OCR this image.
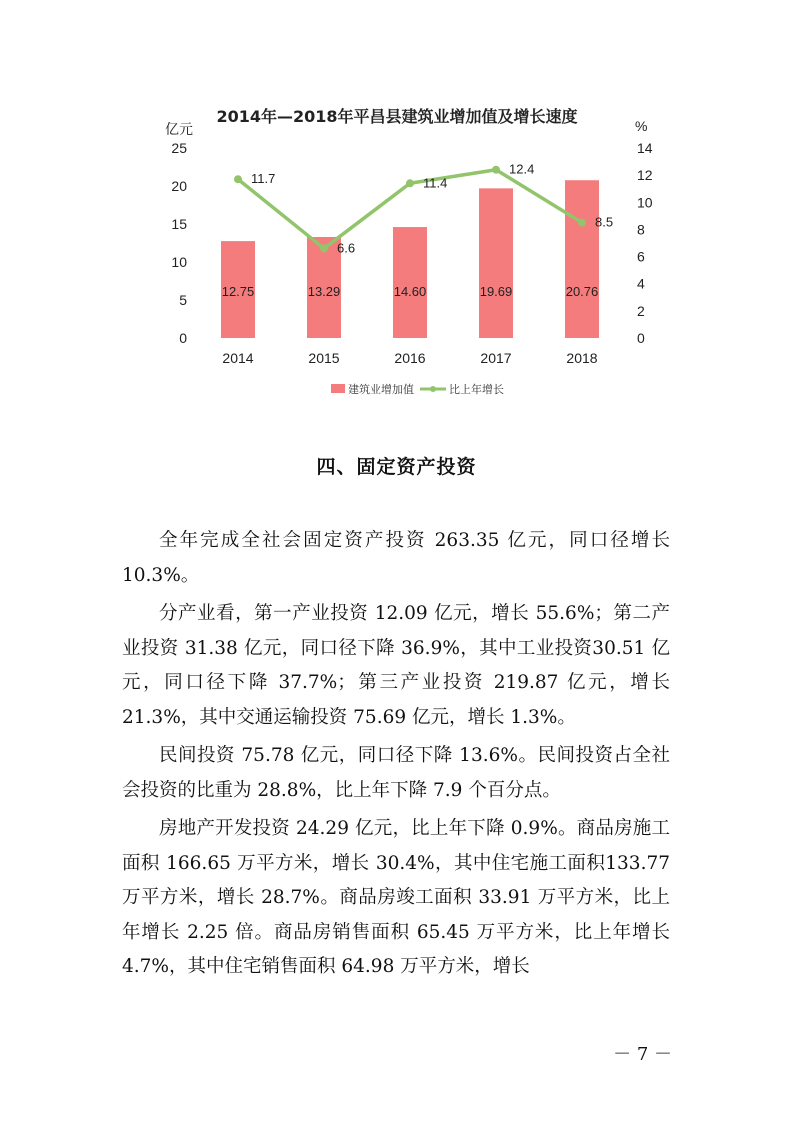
2014年—2018年平昌县建筑业增加值及增长速度
亿元	%
0
5
10
15
20
25
0
2
4
6
8
10
12
14
12.75	13.29	14.60	19.69	20.76
11.7
6.6
11.4
12.4
8.5
2014	2015	2016	2017	2018
建筑业增加值	比上年增长
四、固定资产投资

全年完成全社会固定资产投资 263.35 亿元，同口径增长10.3%。

分产业看，第一产业投资 12.09 亿元，增长 55.6%；第二产业投资 31.38 亿元，同口径下降 36.9%，其中工业投资30.51 亿元，同口径下降 37.7%；第三产业投资 219.87 亿元，增长 21.3%，其中交通运输投资 75.69 亿元，增长 1.3%。

民间投资 75.78 亿元，同口径下降 13.6%。民间投资占全社会投资的比重为 28.8%，比上年下降 7.9 个百分点。

房地产开发投资 24.29 亿元，比上年下降 0.9%。商品房施工面积 166.65 万平方米，增长 30.4%，其中住宅施工面积133.77 万平方米，增长 28.7%。商品房竣工面积 33.91 万平方米，比上年增长 2.25 倍。商品房销售面积 65.45 万平方米，比上年增长 4.7%，其中住宅销售面积 64.98 万平方米，增长

－ 7 －
